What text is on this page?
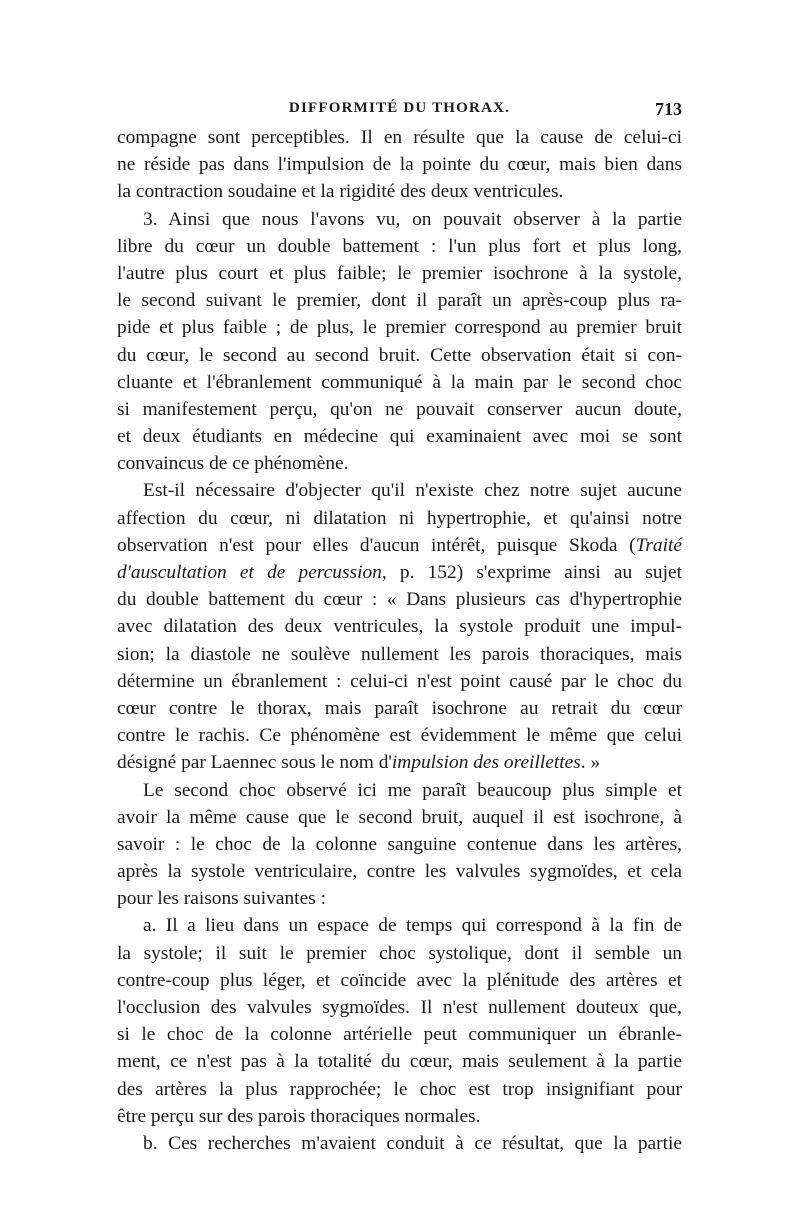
DIFFORMITÉ DU THORAX.	713
compagne sont perceptibles. Il en résulte que la cause de celui-ci
ne réside pas dans l'impulsion de la pointe du cœur, mais bien dans
la contraction soudaine et la rigidité des deux ventricules.
3. Ainsi que nous l'avons vu, on pouvait observer à la partie
libre du cœur un double battement : l'un plus fort et plus long,
l'autre plus court et plus faible; le premier isochrone à la systole,
le second suivant le premier, dont il paraît un après-coup plus ra-
pide et plus faible ; de plus, le premier correspond au premier bruit
du cœur, le second au second bruit. Cette observation était si con-
cluante et l'ébranlement communiqué à la main par le second choc
si manifestement perçu, qu'on ne pouvait conserver aucun doute,
et deux étudiants en médecine qui examinaient avec moi se sont
convaincus de ce phénomène.
Est-il nécessaire d'objecter qu'il n'existe chez notre sujet aucune
affection du cœur, ni dilatation ni hypertrophie, et qu'ainsi notre
observation n'est pour elles d'aucun intérêt, puisque Skoda (Traité
d'auscultation et de percussion, p. 152) s'exprime ainsi au sujet
du double battement du cœur : « Dans plusieurs cas d'hypertrophie
avec dilatation des deux ventricules, la systole produit une impul-
sion; la diastole ne soulève nullement les parois thoraciques, mais
détermine un ébranlement : celui-ci n'est point causé par le choc du
cœur contre le thorax, mais paraît isochrone au retrait du cœur
contre le rachis. Ce phénomène est évidemment le même que celui
désigné par Laennec sous le nom d'impulsion des oreillettes. »
Le second choc observé ici me paraît beaucoup plus simple et
avoir la même cause que le second bruit, auquel il est isochrone, à
savoir : le choc de la colonne sanguine contenue dans les artères,
après la systole ventriculaire, contre les valvules sygmoïdes, et cela
pour les raisons suivantes :
a. Il a lieu dans un espace de temps qui correspond à la fin de
la systole; il suit le premier choc systolique, dont il semble un
contre-coup plus léger, et coïncide avec la plénitude des artères et
l'occlusion des valvules sygmoïdes. Il n'est nullement douteux que,
si le choc de la colonne artérielle peut communiquer un ébranle-
ment, ce n'est pas à la totalité du cœur, mais seulement à la partie
des artères la plus rapprochée; le choc est trop insignifiant pour
être perçu sur des parois thoraciques normales.
b. Ces recherches m'avaient conduit à ce résultat, que la partie
